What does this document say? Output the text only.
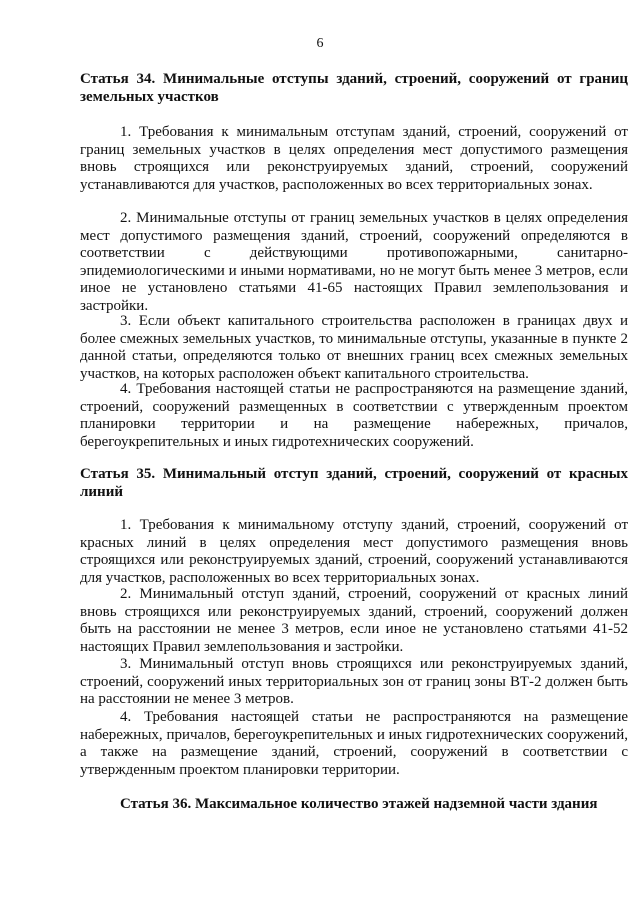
6
Статья 34. Минимальные отступы зданий, строений, сооружений от границ земельных участков

1. Требования к минимальным отступам зданий, строений, сооружений от границ земельных участков в целях определения мест допустимого размещения вновь строящихся или реконструируемых зданий, строений, сооружений устанавливаются для участков, расположенных во всех территориальных зонах.

2. Минимальные отступы от границ земельных участков в целях определения мест допустимого размещения зданий, строений, сооружений определяются в соответствии с действующими противопожарными, санитарно-эпидемиологическими и иными нормативами, но не могут быть менее 3 метров, если иное не установлено статьями 41-65 настоящих Правил землепользования и застройки.

3. Если объект капитального строительства расположен в границах двух и более смежных земельных участков, то минимальные отступы, указанные в пункте 2 данной статьи, определяются только от внешних границ всех смежных земельных участков, на которых расположен объект капитального строительства.

4. Требования настоящей статьи не распространяются на размещение зданий, строений, сооружений размещенных в соответствии с утвержденным проектом планировки территории и на размещение набережных, причалов, берегоукрепительных и иных гидротехнических сооружений.

Статья 35. Минимальный отступ зданий, строений, сооружений от красных линий

1. Требования к минимальному отступу зданий, строений, сооружений от красных линий в целях определения мест допустимого размещения вновь строящихся или реконструируемых зданий, строений, сооружений устанавливаются для участков, расположенных во всех территориальных зонах.

2. Минимальный отступ зданий, строений, сооружений от красных линий вновь строящихся или реконструируемых зданий, строений, сооружений должен быть на расстоянии не менее 3 метров, если иное не установлено статьями 41-52 настоящих Правил землепользования и застройки.

3. Минимальный отступ вновь строящихся или реконструируемых зданий, строений, сооружений иных территориальных зон от границ зоны ВТ-2 должен быть на расстоянии не менее 3 метров.

4. Требования настоящей статьи не распространяются на размещение набережных, причалов, берегоукрепительных и иных гидротехнических сооружений, а также на размещение зданий, строений, сооружений в соответствии с утвержденным проектом планировки территории.

Статья 36. Максимальное количество этажей надземной части здания
